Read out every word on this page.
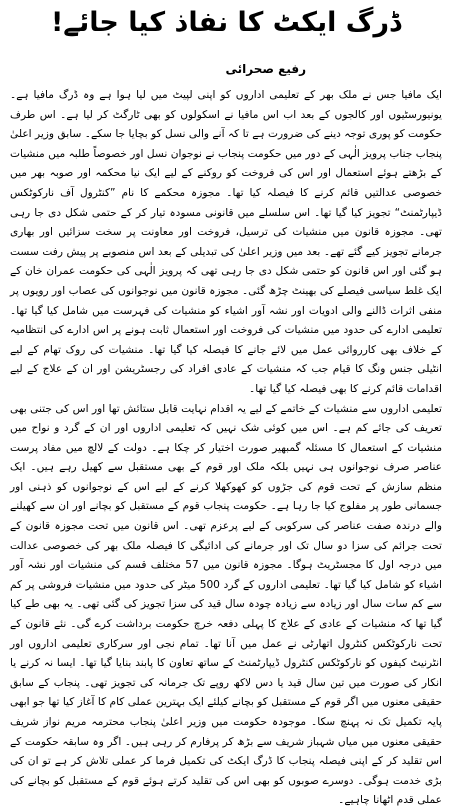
ڈرگ ایکٹ کا نفاذ کیا جائے!
رفیع صحرائی

ایک مافیا جس نے ملک بھر کے تعلیمی اداروں کو اپنی لپیٹ میں لیا ہوا ہے وہ ڈرگ مافیا ہے۔ یونیورسٹیوں اور کالجوں کے بعد اب اس مافیا نے اسکولوں کو بھی ٹارگٹ کر لیا ہے۔ اس طرف حکومت کو پوری توجہ دینے کی ضرورت ہے تا کہ آنے والی نسل کو بچایا جا سکے۔ سابق وزیر اعلیٰ پنجاب جناب پرویز الٰہی کے دور میں حکومت پنجاب نے نوجوان نسل اور خصوصاً طلبہ میں منشیات کے بڑھتے ہوئے استعمال اور اس کی فروخت کو روکنے کے لیے ایک نیا محکمہ اور صوبہ بھر میں خصوصی عدالتیں قائم کرنے کا فیصلہ کیا تھا۔ مجوزہ محکمے کا نام ”کنٹرول آف نارکوٹکس ڈیپارٹمنٹ“ تجویز کیا گیا تھا۔ اس سلسلے میں قانونی مسودہ تیار کر کے حتمی شکل دی جا رہی تھی۔ مجوزہ قانون میں منشیات کی ترسیل، فروخت اور معاونت پر سخت سزائیں اور بھاری جرمانے تجویز کیے گئے تھے۔ بعد میں وزیر اعلیٰ کی تبدیلی کے بعد اس منصوبے پر پیش رفت سست ہو گئی اور اس قانون کو حتمی شکل دی جا رہی تھی کہ پرویز الٰہی کی حکومت عمران خان کے ایک غلط سیاسی فیصلے کی بھینٹ چڑھ گئی۔ مجوزہ قانون میں نوجوانوں کی عصاب اور رویوں پر منفی اثرات ڈالنے والی ادویات اور نشہ آور اشیاء کو منشیات کی فہرست میں شامل کیا گیا تھا۔ تعلیمی ادارے کی حدود میں منشیات کی فروخت اور استعمال ثابت ہونے پر اس ادارے کی انتظامیہ کے خلاف بھی کارروائی عمل میں لائے جانے کا فیصلہ کیا گیا تھا۔ منشیات کی روک تھام کے لیے انٹیلی جنس ونگ کا قیام جب کہ منشیات کے عادی افراد کی رجسٹریشن اور ان کے علاج کے لیے اقدامات قائم کرنے کا بھی فیصلہ کیا گیا تھا۔

تعلیمی اداروں سے منشیات کے خاتمے کے لیے یہ اقدام نہایت قابل ستائش تھا اور اس کی جتنی بھی تعریف کی جائے کم ہے۔ اس میں کوئی شک نہیں کہ تعلیمی اداروں اور ان کے گرد و نواح میں منشیات کے استعمال کا مسئلہ گمبھیر صورت اختیار کر چکا ہے۔ دولت کے لالچ میں مفاد پرست عناصر صرف نوجوانوں ہی نہیں بلکہ ملک اور قوم کے بھی مستقبل سے کھیل رہے ہیں۔ ایک منظم سازش کے تحت قوم کی جڑوں کو کھوکھلا کرنے کے لیے اس کے نوجوانوں کو ذہنی اور جسمانی طور پر مفلوج کیا جا رہا ہے۔ حکومت پنجاب قوم کے مستقبل کو بچانے اور ان سے کھیلنے والے درندہ صفت عناصر کی سرکوبی کے لیے پرعزم تھی۔ اس قانون میں تحت مجوزہ قانون کے تحت جرائم کی سزا دو سال تک اور جرمانے کی ادائیگی کا فیصلہ ملک بھر کی خصوصی عدالت میں درجہ اول کا مجسٹریٹ ہوگا۔ مجوزہ قانون میں 57 مختلف قسم کی منشیات اور نشہ آور اشیاء کو شامل کیا گیا تھا۔ تعلیمی اداروں کے گرد 500 میٹر کی حدود میں منشیات فروشی پر کم سے کم سات سال اور زیادہ سے زیادہ چودہ سال قید کی سزا تجویز کی گئی تھی۔ یہ بھی طے کیا گیا تھا کہ منشیات کے عادی کے علاج کا پہلی دفعہ خرچ حکومت برداشت کرے گی۔ نئے قانون کے تحت نارکوٹکس کنٹرول اتھارٹی نے عمل میں آنا تھا۔ تمام نجی اور سرکاری تعلیمی اداروں اور انٹرنیٹ کیفوں کو نارکوٹکس کنٹرول ڈیپارٹمنٹ کے ساتھ تعاون کا پابند بنایا گیا تھا۔ ایسا نہ کرنے یا انکار کی صورت میں تین سال قید یا دس لاکھ روپے تک جرمانہ کی تجویز تھی۔ پنجاب کے سابق حقیقی معنوں میں اگر قوم کے مستقبل کو بچانے کیلئے ایک بہترین عملی کام کا آغاز کیا تھا جو ابھی پایہ تکمیل تک نہ پہنچ سکا۔ موجودہ حکومت میں وزیر اعلیٰ پنجاب محترمہ مریم نواز شریف حقیقی معنوں میں میاں شہباز شریف سے بڑھ کر پرفارم کر رہی ہیں۔ اگر وہ سابقہ حکومت کے اس تقلید کر کے اپنی فیصلہ پنجاب کا ڈرگ ایکٹ کی تکمیل فرما کر عملی تلاش کر ہے تو ان کی بڑی خدمت ہوگی۔ دوسرے صوبوں کو بھی اس کی تقلید کرتے ہوئے قوم کے مستقبل کو بچانے کی عملی قدم اٹھانا چاہیے۔
